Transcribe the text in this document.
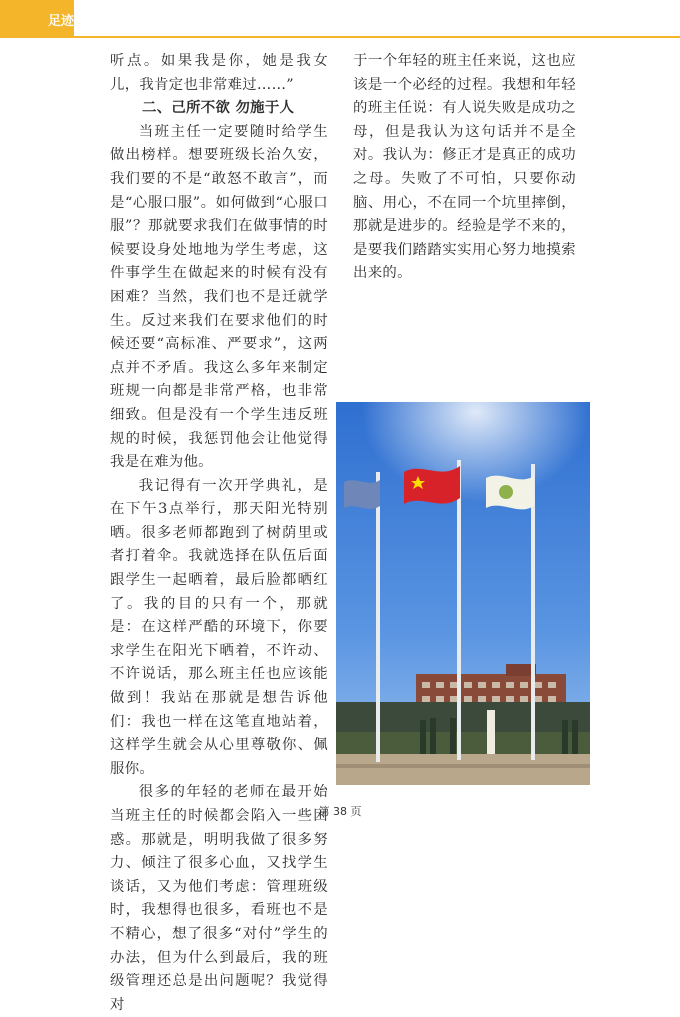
足迹 ZUJI

听点。如果我是你，她是我女儿，我肯定也非常难过……”

二、己所不欲 勿施于人

当班主任一定要随时给学生做出榜样。想要班级长治久安，我们要的不是“敢怒不敢言”，而是“心服口服”。如何做到“心服口服”？那就要求我们在做事情的时候要设身处地地为学生考虑，这件事学生在做起来的时候有没有困难？当然，我们也不是迁就学生。反过来我们在要求他们的时候还要“高标准、严要求”，这两点并不矛盾。我这么多年来制定班规一向都是非常严格，也非常细致。但是没有一个学生违反班规的时候，我惩罚他会让他觉得我是在难为他。

我记得有一次开学典礼，是在下午3点举行，那天阳光特别晒。很多老师都跑到了树荫里或者打着伞。我就选择在队伍后面跟学生一起晒着，最后脸都晒红了。我的目的只有一个，那就是：在这样严酷的环境下，你要求学生在阳光下晒着，不许动、不许说话，那么班主任也应该能做到！我站在那就是想告诉他们：我也一样在这笔直地站着，这样学生就会从心里尊敬你、佩服你。

很多的年轻的老师在最开始当班主任的时候都会陷入一些困惑。那就是，明明我做了很多努力、倾注了很多心血，又找学生谈话，又为他们考虑：管理班级时，我想得也很多，看班也不是不精心，想了很多“对付”学生的办法，但为什么到最后，我的班级管理还总是出问题呢？我觉得对

于一个年轻的班主任来说，这也应该是一个必经的过程。我想和年轻的班主任说：有人说失败是成功之母，但是我认为这句话并不是全对。我认为：修正才是真正的成功之母。失败了不可怕，只要你动脑、用心，不在同一个坑里摔倒，那就是进步的。经验是学不来的，是要我们踏踏实实用心努力地摸索出来的。

第 38 页
